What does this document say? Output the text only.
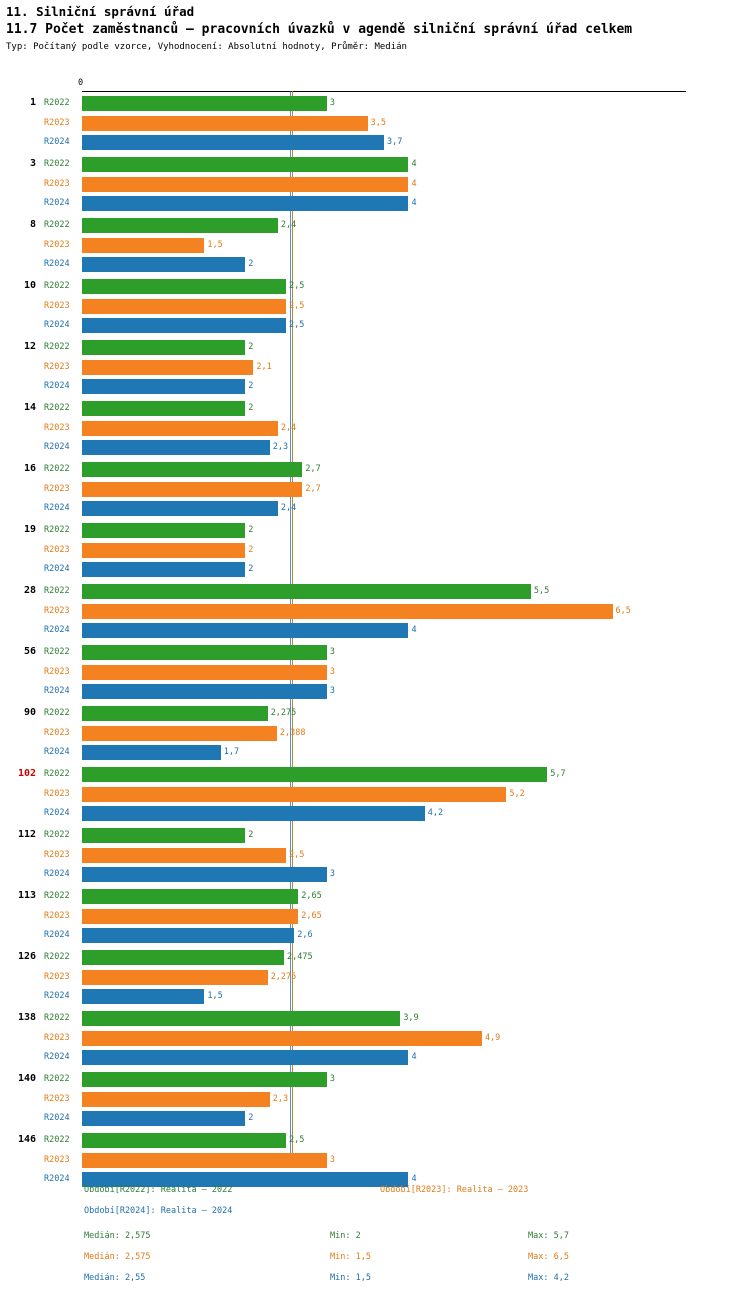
11. Silniční správní úřad
11.7 Počet zaměstnanců – pracovních úvazků v agendě silniční správní úřad celkem
Typ: Počítaný podle vzorce, Vyhodnocení: Absolutní hodnoty, Průměr: Medián
0
1 R2022	3
R2023	3,5
R2024	3,7
3 R2022	4
R2023	4
R2024	4
8 R2022	2,4
R2023	1,5
R2024	2
10 R2022	2,5
R2023	2,5
R2024	2,5
12 R2022	2
R2023	2,1
R2024	2
14 R2022	2
R2023	2,4
R2024	2,3
16 R2022	2,7
R2023	2,7
R2024	2,4
19 R2022	2
R2023	2
R2024	2
28 R2022	5,5
R2023	6,5
R2024	4
56 R2022	3
R2023	3
R2024	3
90 R2022	2,275
R2023	2,388
R2024	1,7
102 R2022	5,7
R2023	5,2
R2024	4,2
112 R2022	2
R2023	2,5
R2024	3
113 R2022	2,65
R2023	2,65
R2024	2,6
126 R2022	2,475
R2023	2,275
R2024	1,5
138 R2022	3,9
R2023	4,9
R2024	4
140 R2022	3
R2023	2,3
R2024	2
146 R2022	2,5
R2023	3
R2024	4
Období[R2022]: Realita – 2022	Období[R2023]: Realita – 2023
Období[R2024]: Realita – 2024
Medián: 2,575	Min: 2	Max: 5,7
Medián: 2,575	Min: 1,5	Max: 6,5
Medián: 2,55	Min: 1,5	Max: 4,2
